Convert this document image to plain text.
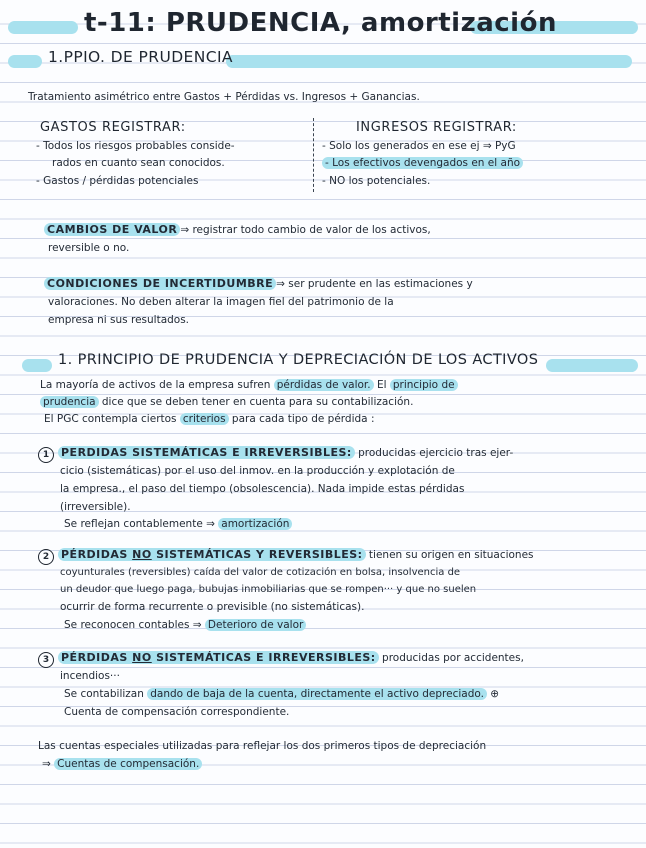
t-11: PRUDENCIA, amortización
1.PPIO. DE PRUDENCIA
Tratamiento asimétrico entre Gastos + Pérdidas vs. Ingresos + Ganancias.
GASTOS REGISTRAR:
- Todos los riesgos probables conside-
rados en cuanto sean conocidos.
- Gastos / pérdidas potenciales
INGRESOS REGISTRAR:
- Solo los generados en ese ej ⇒ PyG
- Los efectivos devengados en el año
- NO los potenciales.
CAMBIOS DE VALOR ⇒ registrar todo cambio de valor de los activos,
reversible o no.
CONDICIONES DE INCERTIDUMBRE ⇒ ser prudente en las estimaciones y
valoraciones. No deben alterar la imagen fiel del patrimonio de la
empresa ni sus resultados.
1. PRINCIPIO DE PRUDENCIA Y DEPRECIACIÓN DE LOS ACTIVOS
La mayoría de activos de la empresa sufren pérdidas de valor. El principio de
prudencia dice que se deben tener en cuenta para su contabilización.
El PGC contempla ciertos criterios para cada tipo de pérdida :
1 PERDIDAS SISTEMÁTICAS E IRREVERSIBLES: producidas ejercicio tras ejer-
cicio (sistemáticas) por el uso del inmov. en la producción y explotación de
la empresa., el paso del tiempo (obsolescencia). Nada impide estas pérdidas
(irreversible).
Se reflejan contablemente ⇒ amortización
2 PÉRDIDAS NO SISTEMÁTICAS Y REVERSIBLES: tienen su origen en situaciones
coyunturales (reversibles) caída del valor de cotización en bolsa, insolvencia de
un deudor que luego paga, bubujas inmobiliarias que se rompen··· y que no suelen
ocurrir de forma recurrente o previsible (no sistemáticas).
Se reconocen contables ⇒ Deterioro de valor
3 PÉRDIDAS NO SISTEMÁTICAS E IRREVERSIBLES: producidas por accidentes,
incendios···
Se contabilizan dando de baja de la cuenta, directamente el activo depreciado. ⊕
Cuenta de compensación correspondiente.
Las cuentas especiales utilizadas para reflejar los dos primeros tipos de depreciación
⇒ Cuentas de compensación.
